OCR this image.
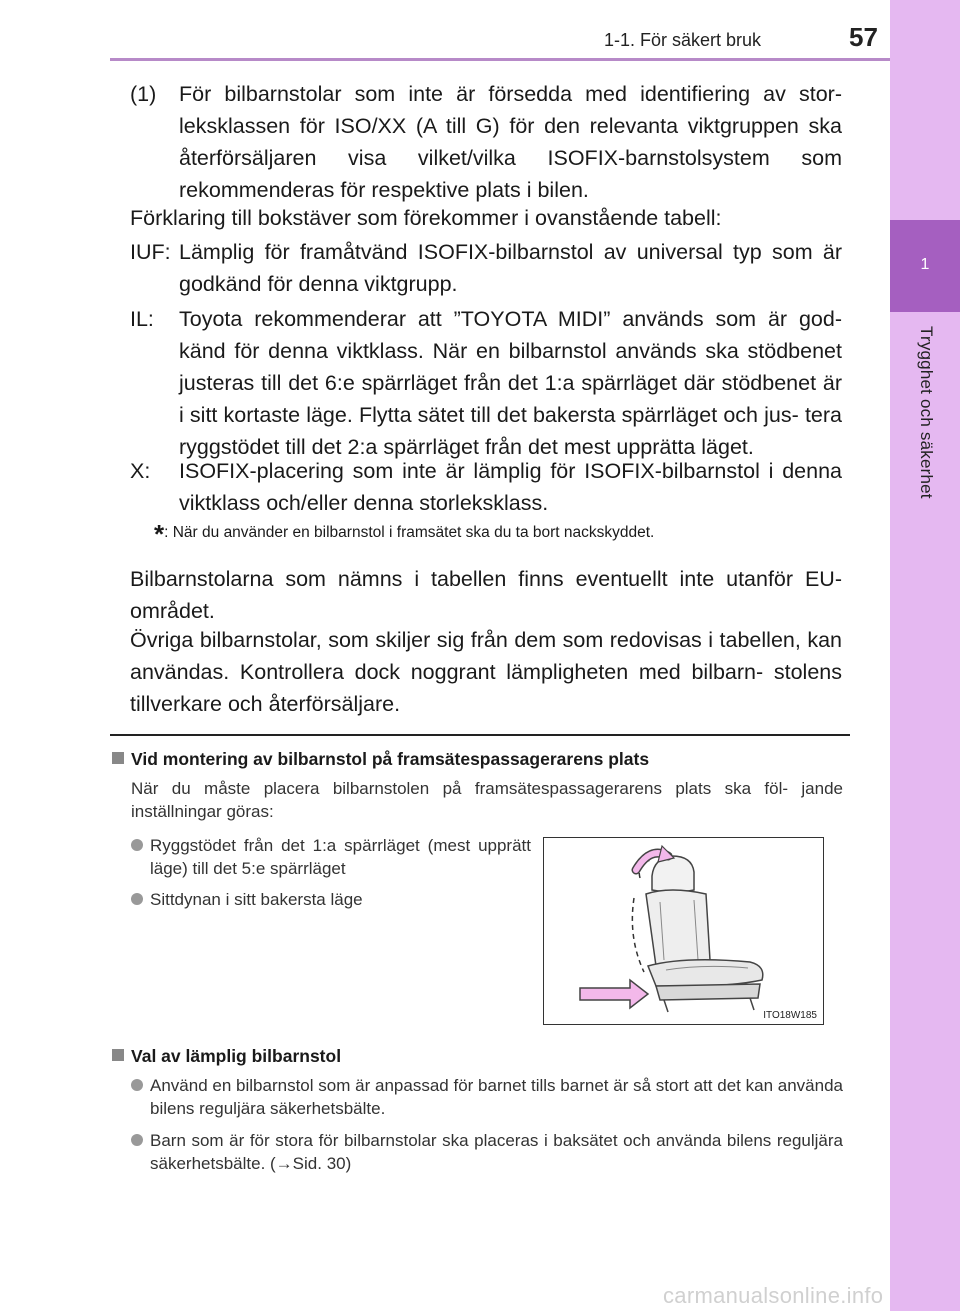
1-1. För säkert bruk	57
1
Trygghet och säkerhet
(1) För bilbarnstolar som inte är försedda med identifiering av stor- leksklassen för ISO/XX (A till G) för den relevanta viktgruppen ska återförsäljaren visa vilket/vilka ISOFIX-barnstolsystem som rekommenderas för respektive plats i bilen.
Förklaring till bokstäver som förekommer i ovanstående tabell:
IUF: Lämplig för framåtvänd ISOFIX-bilbarnstol av universal typ som är godkänd för denna viktgrupp.
IL: Toyota rekommenderar att ”TOYOTA MIDI” används som är god- känd för denna viktklass. När en bilbarnstol används ska stödbenet justeras till det 6:e spärrläget från det 1:a spärrläget där stödbenet är i sitt kortaste läge. Flytta sätet till det bakersta spärrläget och jus- tera ryggstödet till det 2:a spärrläget från det mest upprätta läget.
X: ISOFIX-placering som inte är lämplig för ISOFIX-bilbarnstol i denna viktklass och/eller denna storleksklass.
*: När du använder en bilbarnstol i framsätet ska du ta bort nackskyddet.
Bilbarnstolarna som nämns i tabellen finns eventuellt inte utanför EU- området.
Övriga bilbarnstolar, som skiljer sig från dem som redovisas i tabellen, kan användas. Kontrollera dock noggrant lämpligheten med bilbarn- stolens tillverkare och återförsäljare.
Vid montering av bilbarnstol på framsätespassagerarens plats
När du måste placera bilbarnstolen på framsätespassagerarens plats ska föl- jande inställningar göras:
Ryggstödet från det 1:a spärrläget (mest upprätt läge) till det 5:e spärrläget
Sittdynan i sitt bakersta läge
ITO18W185
Val av lämplig bilbarnstol
Använd en bilbarnstol som är anpassad för barnet tills barnet är så stort att det kan använda bilens reguljära säkerhetsbälte.
Barn som är för stora för bilbarnstolar ska placeras i baksätet och använda bilens reguljära säkerhetsbälte. (→Sid. 30)
carmanualsonline.info
